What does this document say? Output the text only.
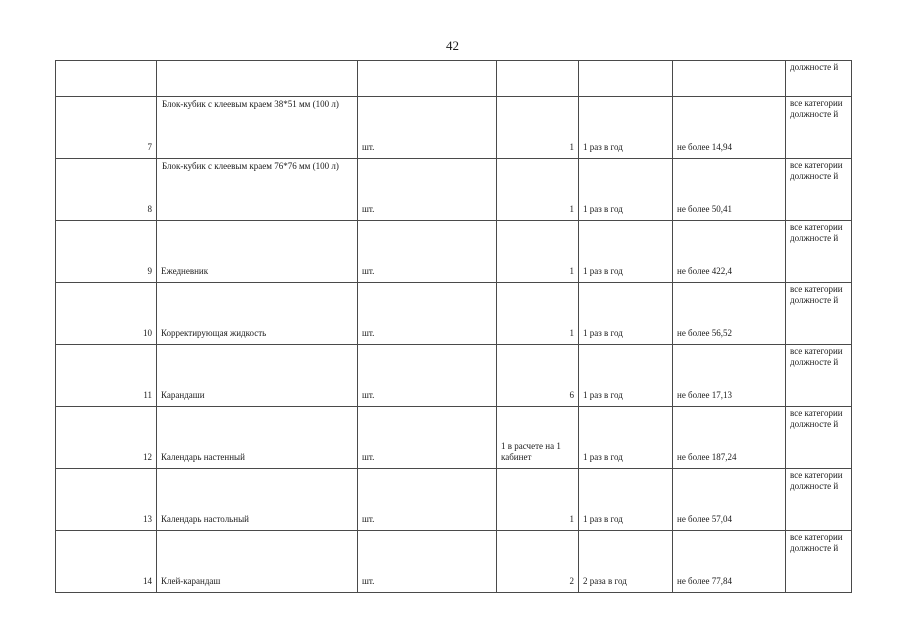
42
						должносте й
7	Блок-кубик с клеевым краем 38*51 мм (100 л)	шт.	1	1 раз в год	не более 14,94	все категории должносте й
8	Блок-кубик с клеевым краем 76*76 мм (100 л)	шт.	1	1 раз в год	не более 50,41	все категории должносте й
9	Ежедневник	шт.	1	1 раз в год	не более 422,4	все категории должносте й
10	Корректирующая жидкость	шт.	1	1 раз в год	не более 56,52	все категории должносте й
11	Карандаши	шт.	6	1 раз в год	не более 17,13	все категории должносте й
12	Календарь настенный	шт.	1 в расчете на 1 кабинет	1 раз в год	не более 187,24	все категории должносте й
13	Календарь настольный	шт.	1	1 раз в год	не более 57,04	все категории должносте й
14	Клей-карандаш	шт.	2	2 раза в год	не более 77,84	все категории должносте й
